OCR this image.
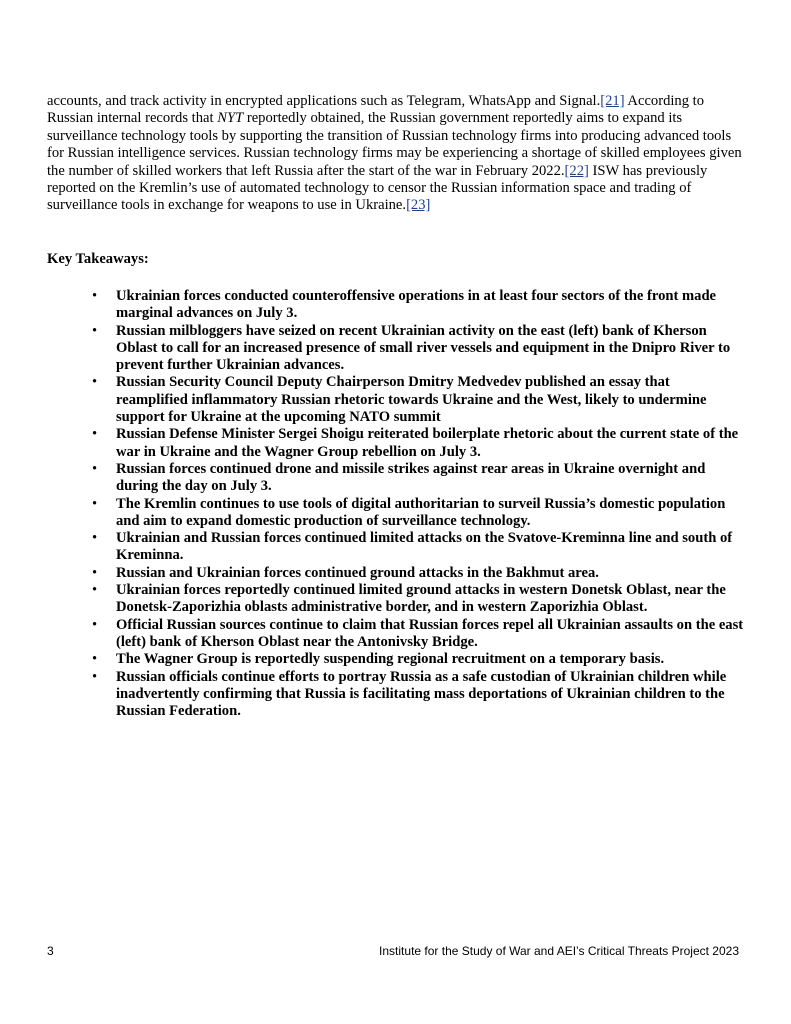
accounts, and track activity in encrypted applications such as Telegram, WhatsApp and Signal.[21] According to Russian internal records that NYT reportedly obtained, the Russian government reportedly aims to expand its surveillance technology tools by supporting the transition of Russian technology firms into producing advanced tools for Russian intelligence services. Russian technology firms may be experiencing a shortage of skilled employees given the number of skilled workers that left Russia after the start of the war in February 2022.[22] ISW has previously reported on the Kremlin’s use of automated technology to censor the Russian information space and trading of surveillance tools in exchange for weapons to use in Ukraine.[23]

Key Takeaways:
• Ukrainian forces conducted counteroffensive operations in at least four sectors of the front made marginal advances on July 3.
• Russian milbloggers have seized on recent Ukrainian activity on the east (left) bank of Kherson Oblast to call for an increased presence of small river vessels and equipment in the Dnipro River to prevent further Ukrainian advances.
• Russian Security Council Deputy Chairperson Dmitry Medvedev published an essay that reamplified inflammatory Russian rhetoric towards Ukraine and the West, likely to undermine support for Ukraine at the upcoming NATO summit
• Russian Defense Minister Sergei Shoigu reiterated boilerplate rhetoric about the current state of the war in Ukraine and the Wagner Group rebellion on July 3.
• Russian forces continued drone and missile strikes against rear areas in Ukraine overnight and during the day on July 3.
• The Kremlin continues to use tools of digital authoritarian to surveil Russia’s domestic population and aim to expand domestic production of surveillance technology.
• Ukrainian and Russian forces continued limited attacks on the Svatove-Kreminna line and south of Kreminna.
• Russian and Ukrainian forces continued ground attacks in the Bakhmut area.
• Ukrainian forces reportedly continued limited ground attacks in western Donetsk Oblast, near the Donetsk-Zaporizhia oblasts administrative border, and in western Zaporizhia Oblast.
• Official Russian sources continue to claim that Russian forces repel all Ukrainian assaults on the east (left) bank of Kherson Oblast near the Antonivsky Bridge.
• The Wagner Group is reportedly suspending regional recruitment on a temporary basis.
• Russian officials continue efforts to portray Russia as a safe custodian of Ukrainian children while inadvertently confirming that Russia is facilitating mass deportations of Ukrainian children to the Russian Federation.
3	Institute for the Study of War and AEI’s Critical Threats Project 2023
